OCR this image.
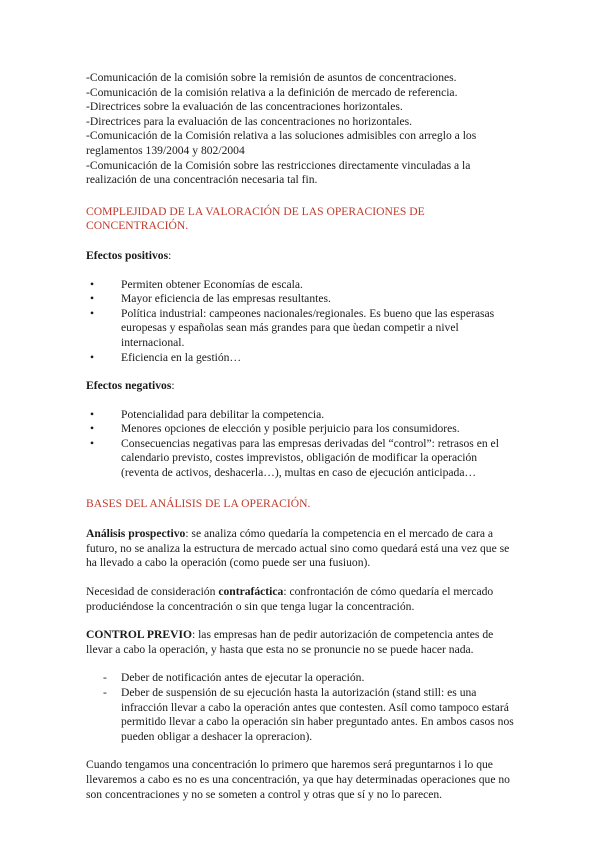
-Comunicación de la comisión sobre la remisión de asuntos de concentraciones.

-Comunicación de la comisión relativa a la definición de mercado de referencia.

-Directrices sobre la evaluación de las concentraciones horizontales.

-Directrices para la evaluación de las concentraciones no horizontales.

-Comunicación de la Comisión relativa a las soluciones admisibles con arreglo a los reglamentos 139/2004 y 802/2004

-Comunicación de la Comisión sobre las restricciones directamente vinculadas a la realización de una concentración necesaria tal fin.

COMPLEJIDAD DE LA VALORACIÓN DE LAS OPERACIONES DE CONCENTRACIÓN.

Efectos positivos:

• Permiten obtener Economías de escala.
• Mayor eficiencia de las empresas resultantes.
• Política industrial: campeones nacionales/regionales. Es bueno que las esperasas europesas y españolas sean más grandes para que ùedan competir a nivel internacional.
• Eficiencia en la gestión…

Efectos negativos:

• Potencialidad para debilitar la competencia.
• Menores opciones de elección y posible perjuicio para los consumidores.
• Consecuencias negativas para las empresas derivadas del “control”: retrasos en el calendario previsto, costes imprevistos, obligación de modificar la operación (reventa de activos, deshacerla…), multas en caso de ejecución anticipada…

BASES DEL ANÁLISIS DE LA OPERACIÓN.

Análisis prospectivo: se analiza cómo quedaría la competencia en el mercado de cara a futuro, no se analiza la estructura de mercado actual sino como quedará está una vez que se ha llevado a cabo la operación (como puede ser una fusiuon).

Necesidad de consideración contrafáctica: confrontación de cómo quedaría el mercado produciéndose la concentración o sin que tenga lugar la concentración.

CONTROL PREVIO: las empresas han de pedir autorización de competencia antes de llevar a cabo la operación, y hasta que esta no se pronuncie no se puede hacer nada.

- Deber de notificación antes de ejecutar la operación.
- Deber de suspensión de su ejecución hasta la autorización (stand still: es una infracción llevar a cabo la operación antes que contesten. Asíl como tampoco estará permitido llevar a cabo la operación sin haber preguntado antes. En ambos casos nos pueden obligar a deshacer la opreracion).

Cuando tengamos una concentración lo primero que haremos será preguntarnos i lo que llevaremos a cabo es no es una concentración, ya que hay determinadas operaciones que no son concentraciones y no se someten a control y otras que sí y no lo parecen.
